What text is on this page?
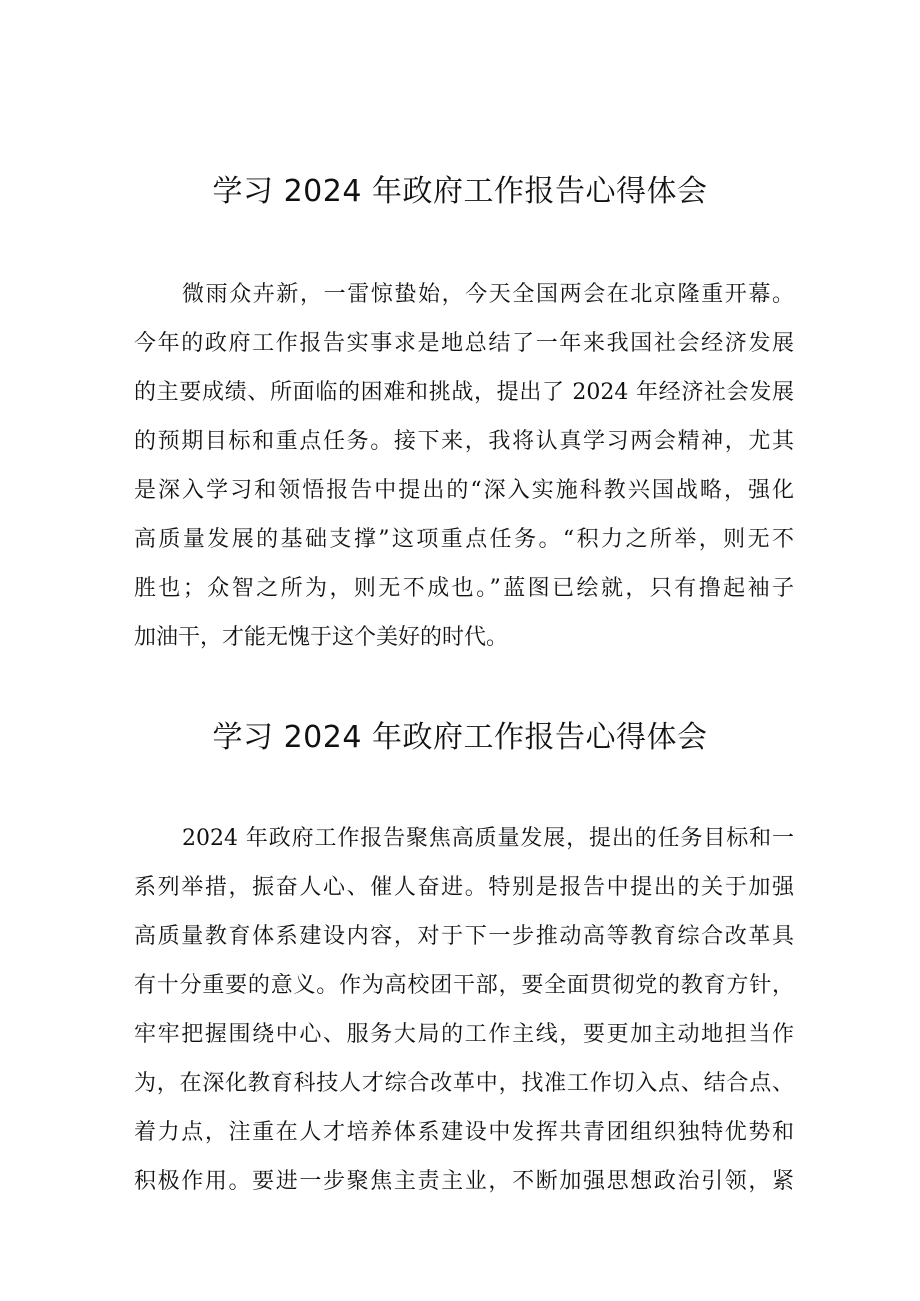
学习 2024 年政府工作报告心得体会
微雨众卉新，一雷惊蛰始，今天全国两会在北京隆重开幕。
今年的政府工作报告实事求是地总结了一年来我国社会经济发展
的主要成绩、所面临的困难和挑战，提出了 2024 年经济社会发展
的预期目标和重点任务。接下来，我将认真学习两会精神，尤其
是深入学习和领悟报告中提出的“深入实施科教兴国战略，强化
高质量发展的基础支撑”这项重点任务。“积力之所举，则无不
胜也；众智之所为，则无不成也。”蓝图已绘就，只有撸起袖子
加油干，才能无愧于这个美好的时代。
学习 2024 年政府工作报告心得体会
2024 年政府工作报告聚焦高质量发展，提出的任务目标和一
系列举措，振奋人心、催人奋进。特别是报告中提出的关于加强
高质量教育体系建设内容，对于下一步推动高等教育综合改革具
有十分重要的意义。作为高校团干部，要全面贯彻党的教育方针，
牢牢把握围绕中心、服务大局的工作主线，要更加主动地担当作
为，在深化教育科技人才综合改革中，找准工作切入点、结合点、
着力点，注重在人才培养体系建设中发挥共青团组织独特优势和
积极作用。要进一步聚焦主责主业，不断加强思想政治引领，紧
